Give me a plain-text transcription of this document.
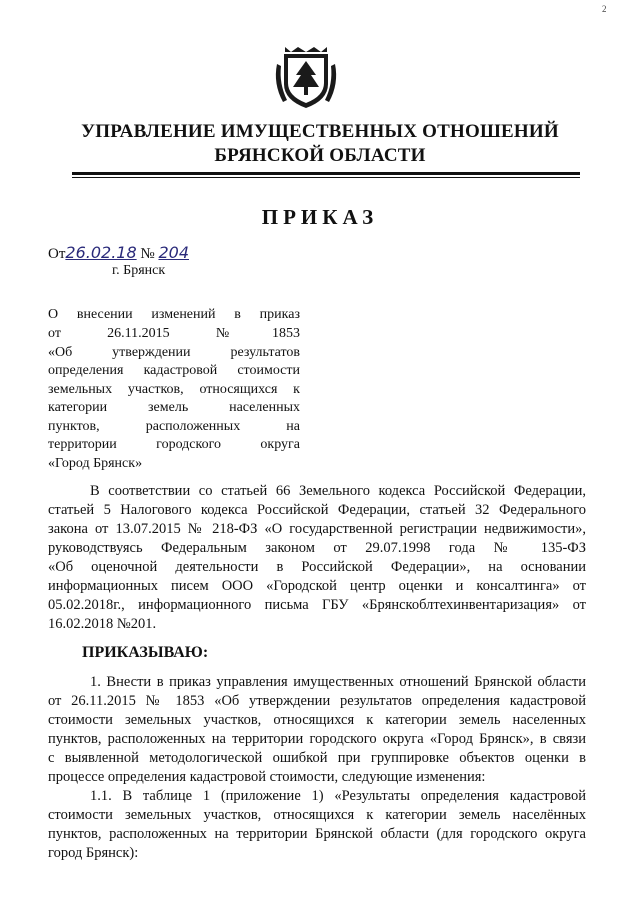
2
УПРАВЛЕНИЕ ИМУЩЕСТВЕННЫХ ОТНОШЕНИЙ
БРЯНСКОЙ ОБЛАСТИ
ПРИКАЗ
От26.02.18 № 204
г. Брянск
О внесении изменений в приказ
от 26.11.2015 №1853
«Об утверждении результатов
определения кадастровой стоимости
земельных участков, относящихся к
категории земель населенных
пунктов, расположенных на
территории городского округа
«Город Брянск»
В соответствии со статьей 66 Земельного кодекса Российской Федерации,
статьей 5 Налогового кодекса Российской Федерации, статьей 32 Федерального
закона от 13.07.2015 № 218-ФЗ «О государственной регистрации недвижимости»,
руководствуясь Федеральным законом от 29.07.1998 года № 135-ФЗ
«Об оценочной деятельности в Российской Федерации», на основании
информационных писем ООО «Городской центр оценки и консалтинга» от
05.02.2018г., информационного письма ГБУ «Брянскоблтехинвентаризация» от
16.02.2018 №201.
ПРИКАЗЫВАЮ:
1. Внести в приказ управления имущественных отношений Брянской области
от 26.11.2015 № 1853 «Об утверждении результатов определения кадастровой
стоимости земельных участков, относящихся к категории земель населенных
пунктов, расположенных на территории городского округа «Город Брянск», в связи
с выявленной методологической ошибкой при группировке объектов оценки в
процессе определения кадастровой стоимости, следующие изменения:
1.1. В таблице 1 (приложение 1) «Результаты определения кадастровой
стоимости земельных участков, относящихся к категории земель населённых
пунктов, расположенных на территории Брянской области (для городского округа
город Брянск):
